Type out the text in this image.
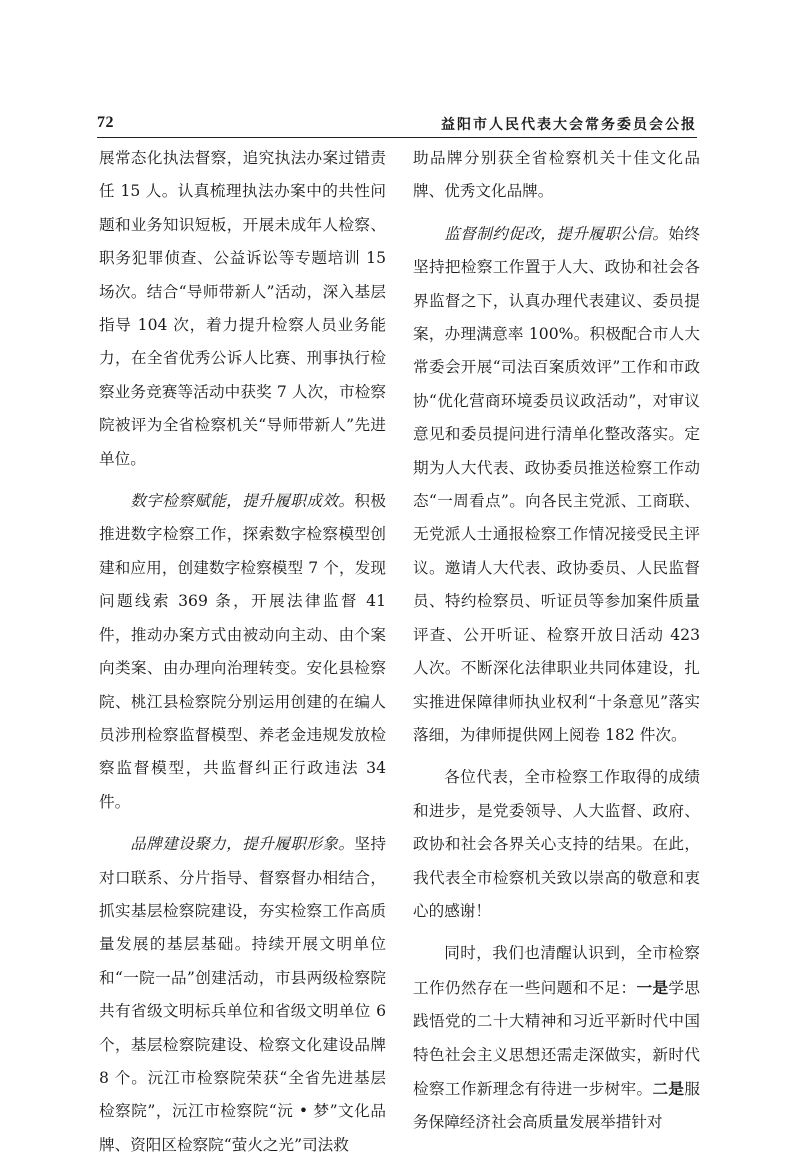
72	益阳市人民代表大会常务委员会公报

展常态化执法督察，追究执法办案过错责任 15 人。认真梳理执法办案中的共性问题和业务知识短板，开展未成年人检察、职务犯罪侦查、公益诉讼等专题培训 15 场次。结合“导师带新人”活动，深入基层指导 104 次，着力提升检察人员业务能力，在全省优秀公诉人比赛、刑事执行检察业务竞赛等活动中获奖 7 人次，市检察院被评为全省检察机关“导师带新人”先进单位。

数字检察赋能，提升履职成效。积极推进数字检察工作，探索数字检察模型创建和应用，创建数字检察模型 7 个，发现问题线索 369 条，开展法律监督 41 件，推动办案方式由被动向主动、由个案向类案、由办理向治理转变。安化县检察院、桃江县检察院分别运用创建的在编人员涉刑检察监督模型、养老金违规发放检察监督模型，共监督纠正行政违法 34 件。

品牌建设聚力，提升履职形象。坚持对口联系、分片指导、督察督办相结合，抓实基层检察院建设，夯实检察工作高质量发展的基层基础。持续开展文明单位和“一院一品”创建活动，市县两级检察院共有省级文明标兵单位和省级文明单位 6 个，基层检察院建设、检察文化建设品牌 8 个。沅江市检察院荣获“全省先进基层检察院”，沅江市检察院“沅 • 梦”文化品牌、资阳区检察院“萤火之光”司法救

助品牌分别获全省检察机关十佳文化品牌、优秀文化品牌。

监督制约促改，提升履职公信。始终坚持把检察工作置于人大、政协和社会各界监督之下，认真办理代表建议、委员提案，办理满意率 100%。积极配合市人大常委会开展“司法百案质效评”工作和市政协“优化营商环境委员议政活动”，对审议意见和委员提问进行清单化整改落实。定期为人大代表、政协委员推送检察工作动态“一周看点”。向各民主党派、工商联、无党派人士通报检察工作情况接受民主评议。邀请人大代表、政协委员、人民监督员、特约检察员、听证员等参加案件质量评查、公开听证、检察开放日活动 423 人次。不断深化法律职业共同体建设，扎实推进保障律师执业权利“十条意见”落实落细，为律师提供网上阅卷 182 件次。

各位代表，全市检察工作取得的成绩和进步，是党委领导、人大监督、政府、政协和社会各界关心支持的结果。在此，我代表全市检察机关致以崇高的敬意和衷心的感谢！

同时，我们也清醒认识到，全市检察工作仍然存在一些问题和不足：一是学思践悟党的二十大精神和习近平新时代中国特色社会主义思想还需走深做实，新时代检察工作新理念有待进一步树牢。二是服务保障经济社会高质量发展举措针对
